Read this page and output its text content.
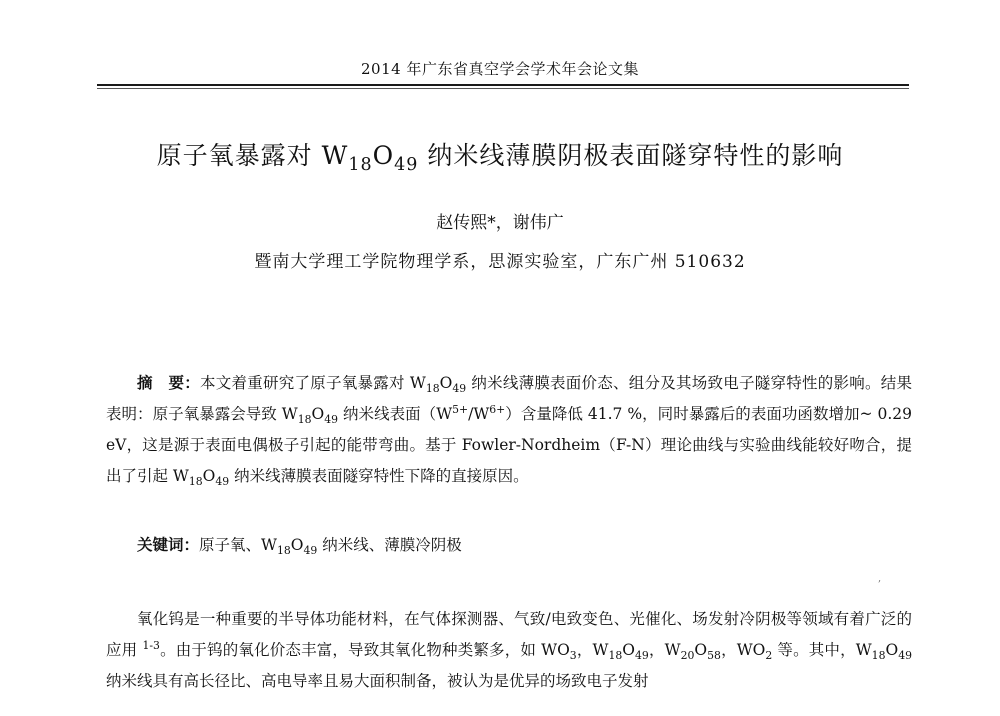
2014 年广东省真空学会学术年会论文集
原子氧暴露对 $W_{18}O_{49}$ 纳米线薄膜阴极表面隧穿特性的影响
赵传熙*，谢伟广
暨南大学理工学院物理学系，思源实验室，广东广州 510632
摘　要：本文着重研究了原子氧暴露对 $W_{18}O_{49}$ 纳米线薄膜表面价态、组分及其场致电子隧穿特性的影响。结果表明：原子氧暴露会导致 $W_{18}O_{49}$ 纳米线表面$(W^{5+}/W^{6+})$含量降低 41.7 %，同时暴露后的表面功函数增加~ 0.29 eV，这是源于表面电偶极子引起的能带弯曲。基于 Fowler-Nordheim（F-N）理论曲线与实验曲线能较好吻合，提出了引起 $W_{18}O_{49}$ 纳米线薄膜表面隧穿特性下降的直接原因。
关键词：原子氧、$W_{18}O_{49}$ 纳米线、薄膜冷阴极
,
氧化钨是一种重要的半导体功能材料，在气体探测器、气致/电致变色、光催化、场发射冷阴极等领域有着广泛的应用 $^{1-3}$。由于钨的氧化价态丰富，导致其氧化物种类繁多，如 $WO_3$，$W_{18}O_{49}$，$W_{20}O_{58}$，$WO_2$ 等。其中，$W_{18}O_{49}$ 纳米线具有高长径比、高电导率且易大面积制备，被认为是优异的场致电子发射
